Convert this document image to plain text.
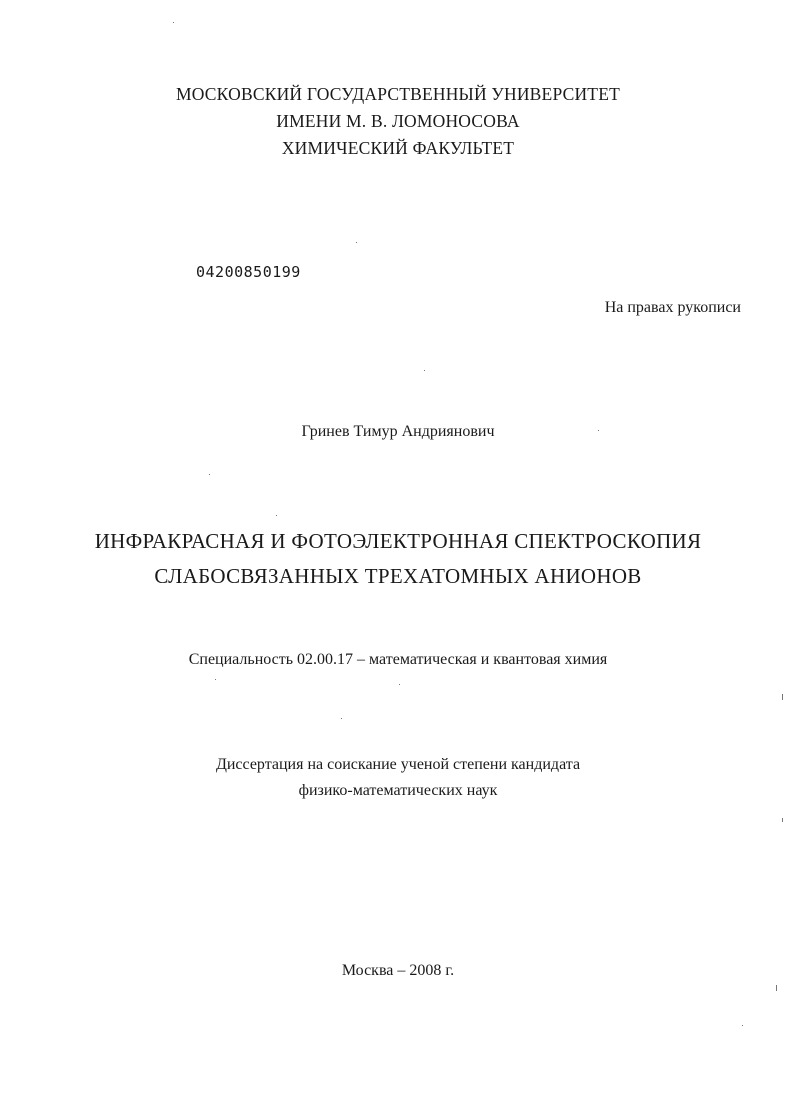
МОСКОВСКИЙ ГОСУДАРСТВЕННЫЙ УНИВЕРСИТЕТ
ИМЕНИ М. В. ЛОМОНОСОВА
ХИМИЧЕСКИЙ ФАКУЛЬТЕТ
04200850199
На правах рукописи
Гринев Тимур Андриянович
ИНФРАКРАСНАЯ И ФОТОЭЛЕКТРОННАЯ СПЕКТРОСКОПИЯ
СЛАБОСВЯЗАННЫХ ТРЕХАТОМНЫХ АНИОНОВ
Специальность 02.00.17 – математическая и квантовая химия
Диссертация на соискание ученой степени кандидата
физико-математических наук
Москва – 2008 г.
